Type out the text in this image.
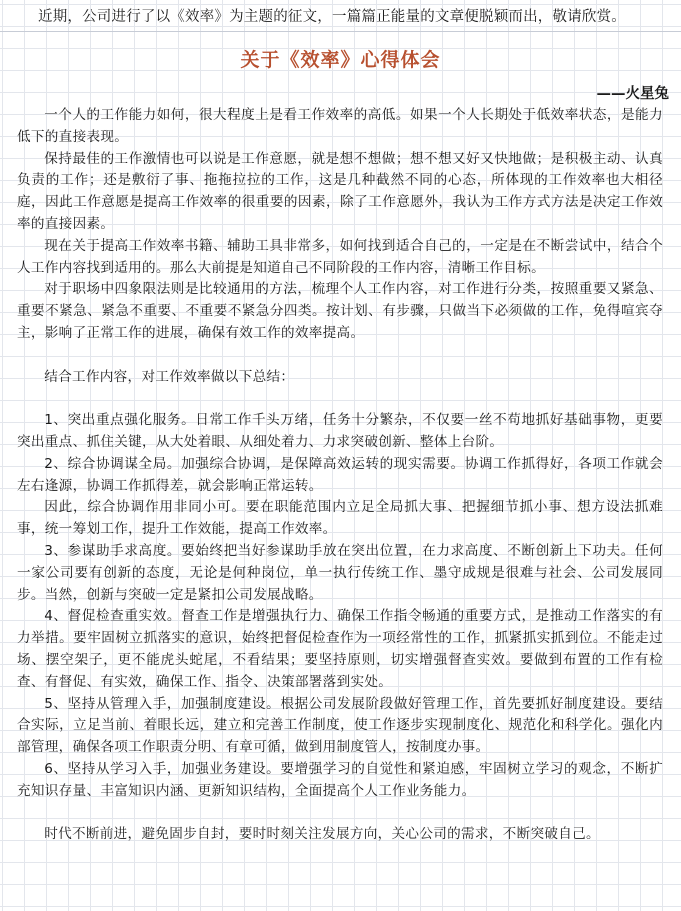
近期，公司进行了以《效率》为主题的征文，一篇篇正能量的文章便脱颖而出，敬请欣赏。
关于《效率》心得体会
——火星兔

一个人的工作能力如何，很大程度上是看工作效率的高低。如果一个人长期处于低效率状态，是能力低下的直接表现。

保持最佳的工作激情也可以说是工作意愿，就是想不想做；想不想又好又快地做；是积极主动、认真负责的工作；还是敷衍了事、拖拖拉拉的工作，这是几种截然不同的心态，所体现的工作效率也大相径庭，因此工作意愿是提高工作效率的很重要的因素，除了工作意愿外，我认为工作方式方法是决定工作效率的直接因素。

现在关于提高工作效率书籍、辅助工具非常多，如何找到适合自己的，一定是在不断尝试中，结合个人工作内容找到适用的。那么大前提是知道自己不同阶段的工作内容，清晰工作目标。

对于职场中四象限法则是比较通用的方法，梳理个人工作内容，对工作进行分类，按照重要又紧急、重要不紧急、紧急不重要、不重要不紧急分四类。按计划、有步骤，只做当下必须做的工作，免得喧宾夺主，影响了正常工作的进展，确保有效工作的效率提高。

结合工作内容，对工作效率做以下总结：

1、突出重点强化服务。日常工作千头万绪，任务十分繁杂，不仅要一丝不苟地抓好基础事物，更要突出重点、抓住关键，从大处着眼、从细处着力、力求突破创新、整体上台阶。

2、综合协调谋全局。加强综合协调，是保障高效运转的现实需要。协调工作抓得好，各项工作就会左右逢源，协调工作抓得差，就会影响正常运转。

因此，综合协调作用非同小可。要在职能范围内立足全局抓大事、把握细节抓小事、想方设法抓难事，统一筹划工作，提升工作效能，提高工作效率。

3、参谋助手求高度。要始终把当好参谋助手放在突出位置，在力求高度、不断创新上下功夫。任何一家公司要有创新的态度，无论是何种岗位，单一执行传统工作、墨守成规是很难与社会、公司发展同步。当然，创新与突破一定是紧扣公司发展战略。

4、督促检查重实效。督查工作是增强执行力、确保工作指令畅通的重要方式，是推动工作落实的有力举措。要牢固树立抓落实的意识，始终把督促检查作为一项经常性的工作，抓紧抓实抓到位。不能走过场、摆空架子，更不能虎头蛇尾，不看结果；要坚持原则，切实增强督查实效。要做到布置的工作有检查、有督促、有实效，确保工作、指令、决策部署落到实处。

5、坚持从管理入手，加强制度建设。根据公司发展阶段做好管理工作，首先要抓好制度建设。要结合实际，立足当前、着眼长远，建立和完善工作制度，使工作逐步实现制度化、规范化和科学化。强化内部管理，确保各项工作职责分明、有章可循，做到用制度管人，按制度办事。

6、坚持从学习入手，加强业务建设。要增强学习的自觉性和紧迫感，牢固树立学习的观念，不断扩充知识存量、丰富知识内涵、更新知识结构，全面提高个人工作业务能力。

时代不断前进，避免固步自封，要时时刻关注发展方向，关心公司的需求，不断突破自己。
